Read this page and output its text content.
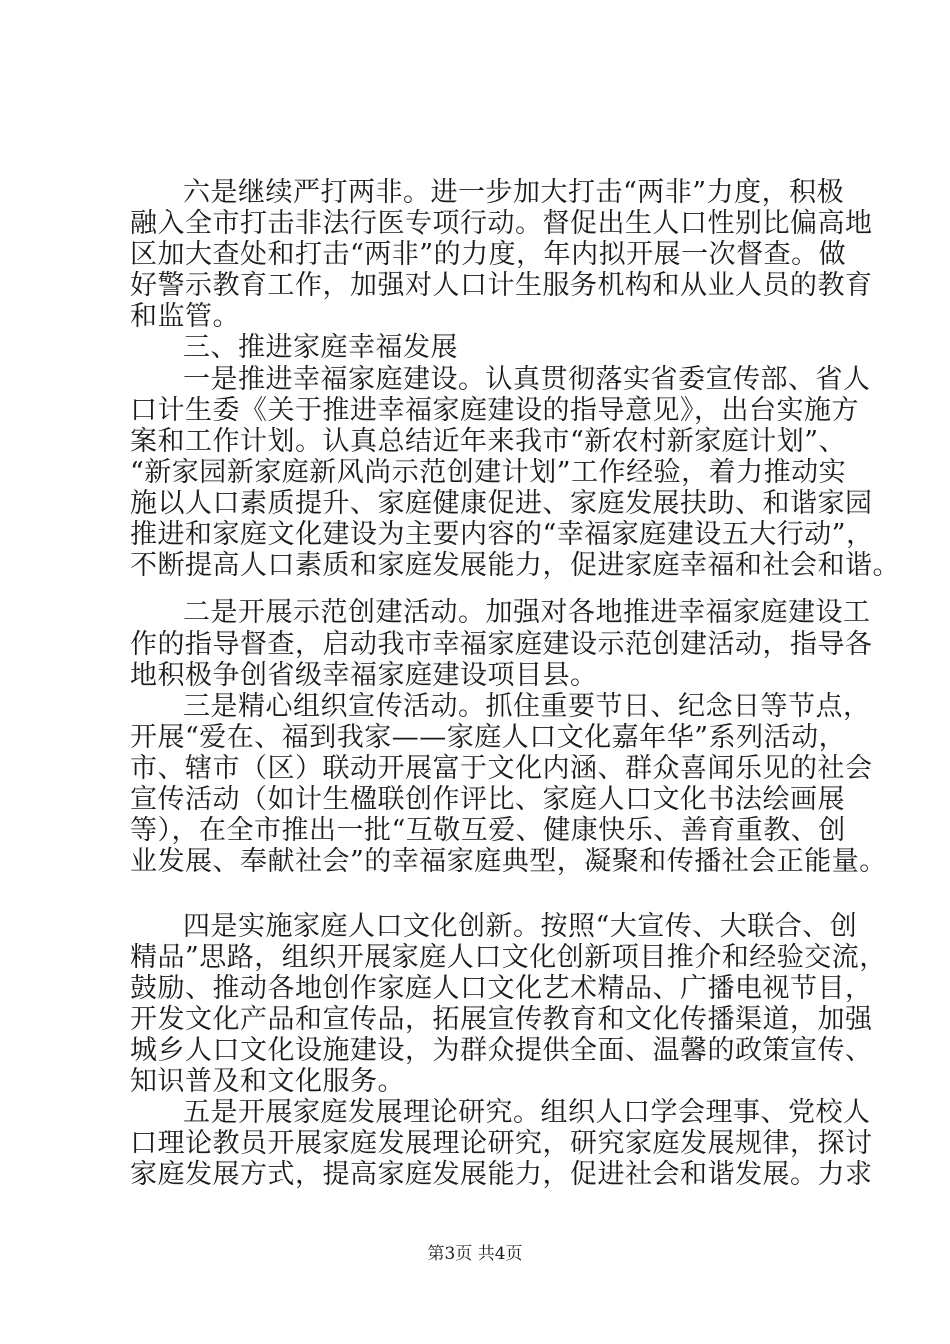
六是继续严打两非。进一步加大打击“两非”力度，积极
融入全市打击非法行医专项行动。督促出生人口性别比偏高地
区加大查处和打击“两非”的力度，年内拟开展一次督查。做
好警示教育工作，加强对人口计生服务机构和从业人员的教育
和监管。
三、推进家庭幸福发展
一是推进幸福家庭建设。认真贯彻落实省委宣传部、省人
口计生委《关于推进幸福家庭建设的指导意见》，出台实施方
案和工作计划。认真总结近年来我市“新农村新家庭计划”、
“新家园新家庭新风尚示范创建计划”工作经验，着力推动实
施以人口素质提升、家庭健康促进、家庭发展扶助、和谐家园
推进和家庭文化建设为主要内容的“幸福家庭建设五大行动”，
不断提高人口素质和家庭发展能力，促进家庭幸福和社会和谐。
二是开展示范创建活动。加强对各地推进幸福家庭建设工
作的指导督查，启动我市幸福家庭建设示范创建活动，指导各
地积极争创省级幸福家庭建设项目县。
三是精心组织宣传活动。抓住重要节日、纪念日等节点，
开展“爱在、福到我家——家庭人口文化嘉年华”系列活动，
市、辖市（区）联动开展富于文化内涵、群众喜闻乐见的社会
宣传活动（如计生楹联创作评比、家庭人口文化书法绘画展
等），在全市推出一批“互敬互爱、健康快乐、善育重教、创
业发展、奉献社会”的幸福家庭典型，凝聚和传播社会正能量。
四是实施家庭人口文化创新。按照“大宣传、大联合、创
精品”思路，组织开展家庭人口文化创新项目推介和经验交流，
鼓励、推动各地创作家庭人口文化艺术精品、广播电视节目，
开发文化产品和宣传品，拓展宣传教育和文化传播渠道，加强
城乡人口文化设施建设，为群众提供全面、温馨的政策宣传、
知识普及和文化服务。
五是开展家庭发展理论研究。组织人口学会理事、党校人
口理论教员开展家庭发展理论研究，研究家庭发展规律，探讨
家庭发展方式，提高家庭发展能力，促进社会和谐发展。力求
第3页 共4页
